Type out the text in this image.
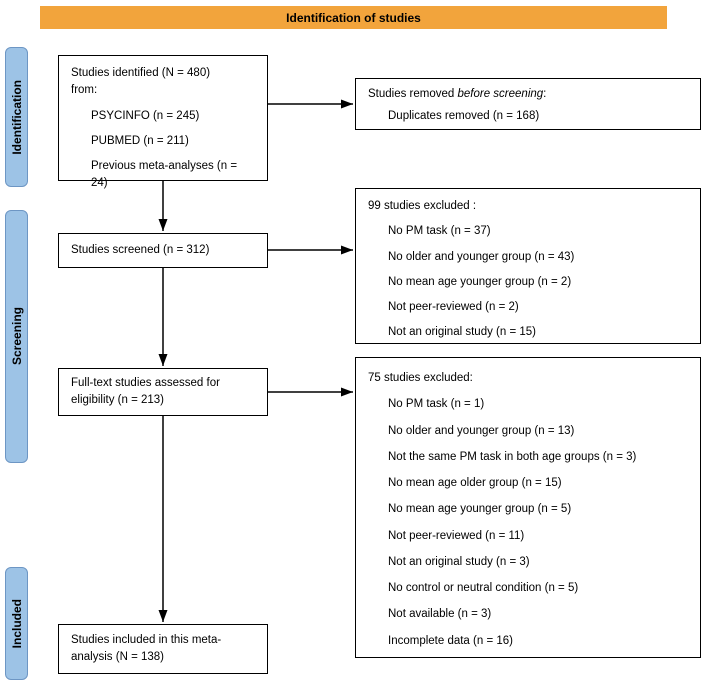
Identification of studies
Identification
Screening
Included
Studies identified (N = 480)
from:
PSYCINFO (n = 245)
PUBMED (n = 211)
Previous meta-analyses (n = 24)
Studies removed before screening:
Duplicates removed (n = 168)
Studies screened (n = 312)
99 studies excluded :
No PM task (n = 37)
No older and younger group (n = 43)
No mean age younger group (n = 2)
Not peer-reviewed (n = 2)
Not an original study (n = 15)
Full-text studies assessed for eligibility (n = 213)
75 studies excluded:
No PM task (n = 1)
No older and younger group (n = 13)
Not the same PM task in both age groups (n = 3)
No mean age older group (n = 15)
No mean age younger group (n = 5)
Not peer-reviewed (n = 11)
Not an original study (n = 3)
No control or neutral condition (n = 5)
Not available (n = 3)
Incomplete data (n = 16)
Studies included in this meta-analysis (N = 138)
